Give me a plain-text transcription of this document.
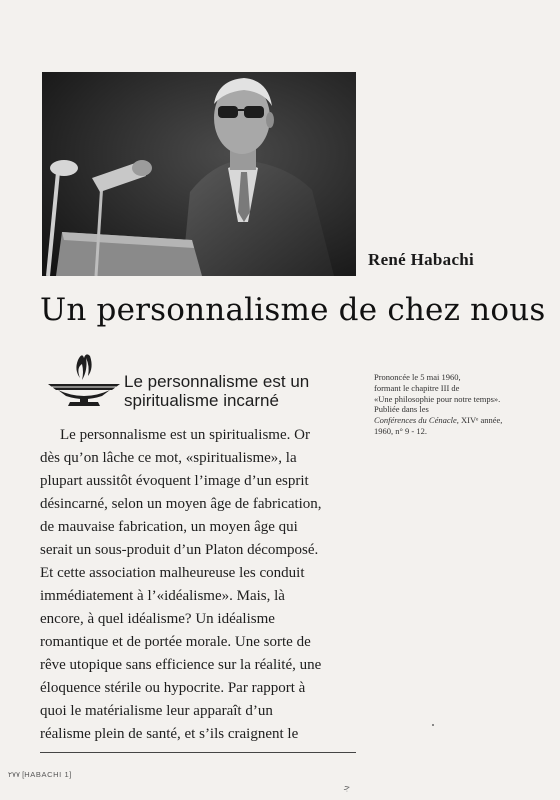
René Habachi
Un personnalisme de chez nous
Le personnalisme est un
spiritualisme incarné
Prononcée le 5 mai 1960,
formant le chapitre III de
«Une philosophie pour notre temps».
Publiée dans les
Conférences du Cénacle, XIVᵉ année,
1960, n° 9 - 12.
Le personnalisme est un spiritualisme. Or
dès qu’on lâche ce mot, «spiritualisme», la
plupart aussitôt évoquent l’image d’un esprit
désincarné, selon un moyen âge de fabrication,
de mauvaise fabrication, un moyen âge qui
serait un sous-produit d’un Platon décomposé.
Et cette association malheureuse les conduit
immédiatement à l’«idéalisme». Mais, là
encore, à quel idéalisme? Un idéalisme
romantique et de portée morale. Une sorte de
rêve utopique sans efficience sur la réalité, une
éloquence stérile ou hypocrite. Par rapport à
quoi le matérialisme leur apparaît d’un
réalisme plein de santé, et s’ils craignent le
٢٧٧ [HABACHI 1]
ﺟ
